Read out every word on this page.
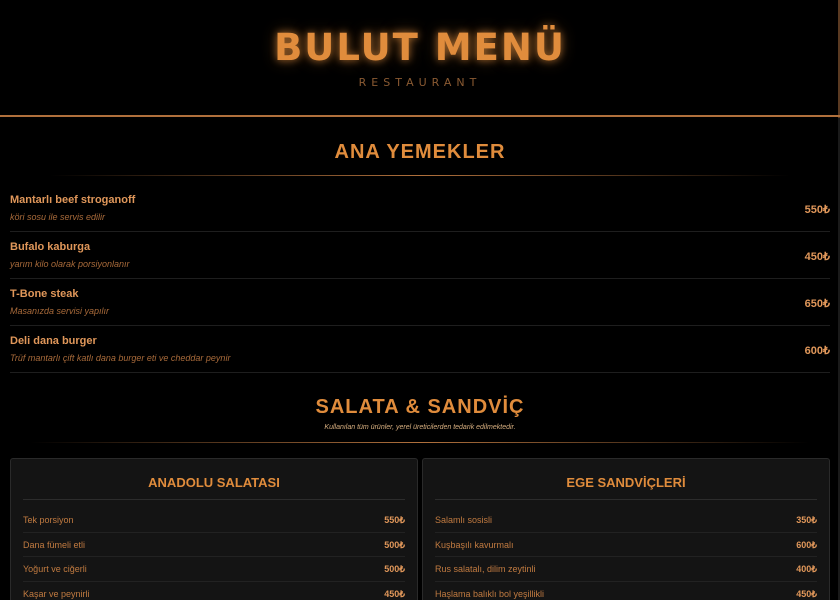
BULUT MENÜ
RESTAURANT
ANA YEMEKLER
Mantarlı beef stroganoff
köri sosu ile servis edilir
550₺
Bufalo kaburga
yarım kilo olarak porsiyonlanır
450₺
T-Bone steak
Masanızda servisi yapılır
650₺
Deli dana burger
Trüf mantarlı çift katlı dana burger eti ve cheddar peynir
600₺
SALATA & SANDVİÇ
Kullanılan tüm ürünler, yerel üreticilerden tedarik edilmektedir.
ANADOLU SALATASI
Tek porsiyon	550₺
Dana fümeli etli	500₺
Yoğurt ve ciğerli	500₺
Kaşar ve peynirli	450₺
EGE SANDVİÇLERİ
Salamlı sosisli	350₺
Kuşbaşılı kavurmalı	600₺
Rus salatalı, dilim zeytinli	400₺
Haşlama balıklı bol yeşillikli	450₺
